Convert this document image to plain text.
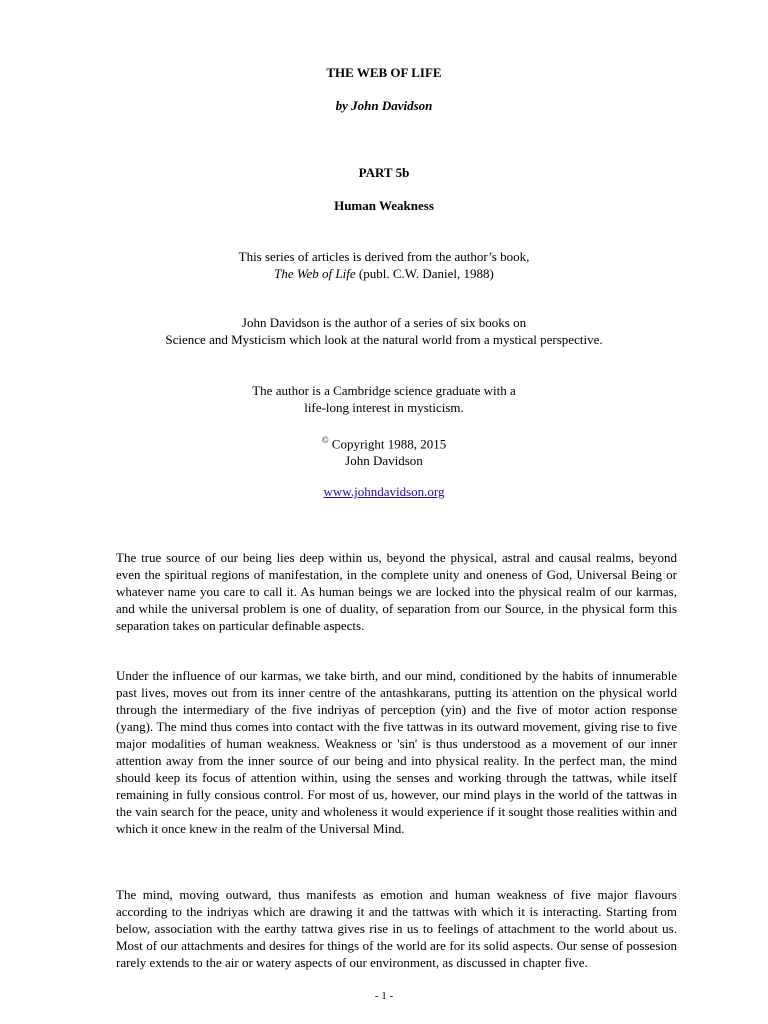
THE WEB OF LIFE

by John Davidson

PART 5b

Human Weakness

This series of articles is derived from the author’s book,
The Web of Life (publ. C.W. Daniel, 1988)
John Davidson is the author of a series of six books on
Science and Mysticism which look at the natural world from a mystical perspective.
The author is a Cambridge science graduate with a
life-long interest in mysticism.
© Copyright 1988, 2015
John Davidson
www.johndavidson.org

The true source of our being lies deep within us, beyond the physical, astral and causal realms, beyond even the spiritual regions of manifestation, in the complete unity and oneness of God, Universal Being or whatever name you care to call it. As human beings we are locked into the physical realm of our karmas, and while the universal problem is one of duality, of separation from our Source, in the physical form this separation takes on particular definable aspects.

Under the influence of our karmas, we take birth, and our mind, conditioned by the habits of innumerable past lives, moves out from its inner centre of the antashkarans, putting its attention on the physical world through the intermediary of the five indriyas of perception (yin) and the five of motor action response (yang). The mind thus comes into contact with the five tattwas in its outward movement, giving rise to five major modalities of human weakness. Weakness or 'sin' is thus understood as a movement of our inner attention away from the inner source of our being and into physical reality. In the perfect man, the mind should keep its focus of attention within, using the senses and working through the tattwas, while itself remaining in fully consious control. For most of us, however, our mind plays in the world of the tattwas in the vain search for the peace, unity and wholeness it would experience if it sought those realities within and which it once knew in the realm of the Universal Mind.

The mind, moving outward, thus manifests as emotion and human weakness of five major flavours according to the indriyas which are drawing it and the tattwas with which it is interacting. Starting from below, association with the earthy tattwa gives rise in us to feelings of attachment to the world about us. Most of our attachments and desires for things of the world are for its solid aspects. Our sense of possesion rarely extends to the air or watery aspects of our environment, as discussed in chapter five.

- 1 -
